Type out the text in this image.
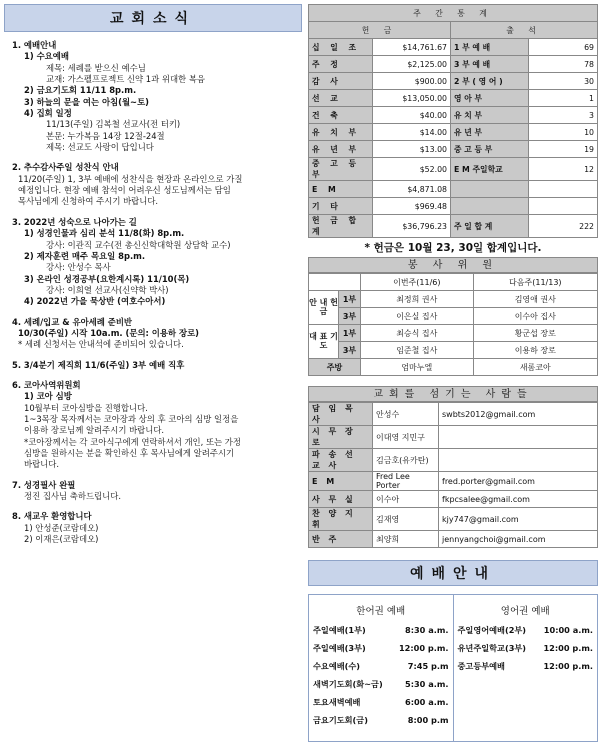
교회소식
1. 예배안내
1) 수요예배
제목: 세례를 받으신 예수님
교재: 가스펠프로젝트 신약 1과 위대한 복음
2) 금요기도회 11/11 8p.m.
3) 하늘의 문을 여는 아침(월~토)
4) 집회 일정
11/13(주일) 김복철 선교사(전 터키)
본문: 누가복음 14장 12절-24절
제목: 선교도 사랑이 답입니다
2. 추수감사주일 성찬식 안내
11/20(주일) 1, 3부 예배에 성찬식을 현장과 온라인으로 가질
예정입니다. 현장 예배 참석이 어려우신 성도님께서는 담임
목사님에게 신청하여 주시기 바랍니다.
3. 2022년 성숙으로 나아가는 길
1) 성경인물과 심리 분석 11/8(화) 8p.m.
강사: 이관직 교수(전 총신신학대학원 상담학 교수)
2) 제자훈련 매주 목요일 8p.m.
강사: 안성수 목사
3) 온라인 성경공부(요한계시록) 11/10(목)
강사: 이희열 선교사(신약학 박사)
4) 2022년 가을 묵상반 (여호수아서)
4. 세례/입교 & 유아세례 준비반
10/30(주일) 시작 10a.m. (문의: 이용하 장로)
* 세례 신청서는 안내석에 준비되어 있습니다.
5. 3/4분기 제직회 11/6(주일) 3부 예배 직후
6. 코아사역위원회
1) 코아 심방
10월부터 코아심방을 진행합니다.
1~3목장 목자께서는 코아장과 상의 후 코아의 심방 일정을
이용하 장로님께 알려주시기 바랍니다.
*코아장께서는 각 코아식구에게 연락하셔서 개인, 또는 가정
심방을 원하시는 분을 확인하신 후 목사님에게 알려주시기
바랍니다.
7. 성경필사 완필
정진 집사님 축하드립니다.
8. 새교우 환영합니다
1) 안성준(코람데오)
2) 이재은(코람데오)
주 간 통 계			
헌 금		출 석	
십 일 조	$14,761.67	1 부 예 배	69
주 정	$2,125.00	3 부 예 배	78
감 사	$900.00	2 부 ( 영 어 )	30
선 교	$13,050.00	영 아 부	1
건 축	$40.00	유 치 부	3
유 치 부	$14.00	유 년 부	10
유 년 부	$13.00	중 고 등 부	19
중 고 등 부	$52.00	E M 주일학교	12
E M	$4,871.08		
기 타	$969.48		
헌 금 합 계	$36,796.23	주 일 합 계	222
* 헌금은 10월 23, 30일 합계입니다.
봉 사 위 원
		이번주(11/6)	다음주(11/13)
안 내 헌 금	1부	최정희 권사	김영애 권사
	3부	이은실 집사	이수아 집사
대 표 기 도	1부	최승식 집사	황군섭 장로
	3부	임준철 집사	이용하 장로
주방		엄마누엘	새롬코아
교회를 섬기는 사람들
담 임 목 사	안성수	swbts2012@gmail.com
시 무 장 로	이대영 지민구	
파 송 선 교 사	김금호(유카탄)	
E M	Fred Lee Porter	fred.porter@gmail.com
사 무 실	이수아	fkpcsalee@gmail.com
찬 양 지 휘	김재영	kjy747@gmail.com
반 주	최양희	jennyangchoi@gmail.com
예배안내
한어권 예배
주일예배(1부)	8:30 a.m.
주일예배(3부)	12:00 p.m.
수요예배(수)	7:45 p.m
새벽기도회(화~금)	5:30 a.m.
토요새벽예배	6:00 a.m.
금요기도회(금)	8:00 p.m
영어권 예배
주일영어예배(2부) 10:00 a.m.
유년주일학교(3부) 12:00 p.m.
중고등부예배	12:00 p.m.
